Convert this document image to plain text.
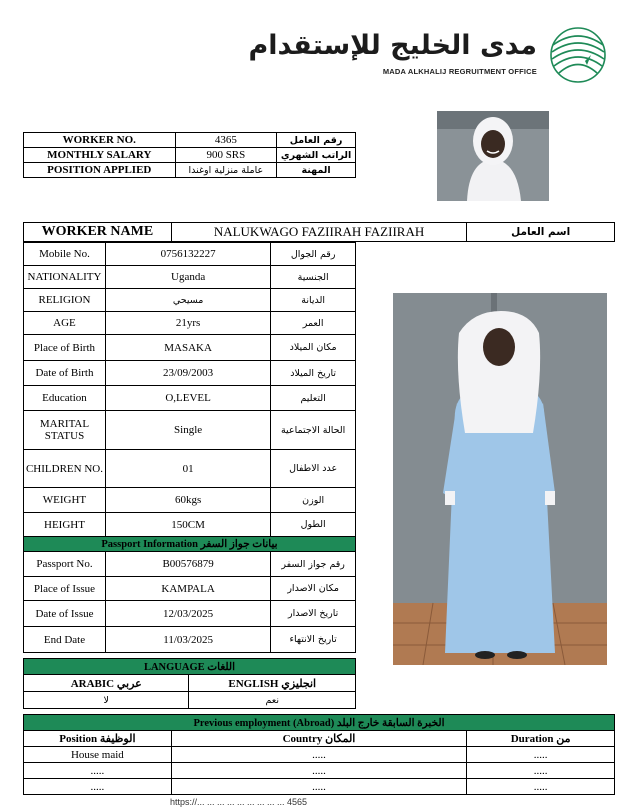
مدى الخليج للإستقدام
MADA ALKHALIJ REGRUITMENT OFFICE
WORKER NO.	4365	رقم العامل
MONTHLY SALARY	900 SRS	الراتب الشهري
POSITION APPLIED	عاملة منزلية اوغندا	المهنة
WORKER NAME	NALUKWAGO FAZIIRAH FAZIIRAH	اسم العامل
Mobile No.	0756132227	رقم الجوال
NATIONALITY	Uganda	الجنسية
RELIGION	مسيحي	الديانة
AGE	21yrs	العمر
Place of Birth	MASAKA	مكان الميلاد
Date of Birth	23/09/2003	تاريخ الميلاد
Education	O,LEVEL	التعليم
MARITAL STATUS	Single	الحالة الاجتماعية
CHILDREN NO.	01	عدد الاطفال
WEIGHT	60kgs	الوزن
HEIGHT	150CM	الطول
Passport Information بيانات جواز السفر		
Passport No.	B00576879	رقم جواز السفر
Place of Issue	KAMPALA	مكان الاصدار
Date of Issue	12/03/2025	تاريخ الاصدار
End Date	11/03/2025	تاريخ الانتهاء
LANGUAGE اللغات	
ARABIC عربي	ENGLISH انجليزي
لا	نعم
Previous employment (Abroad) الخبرة السابقة خارج البلد		
Position الوظيفة	Country المكان	Duration من
House maid	.....	.....
.....	.....	.....
.....	.....	.....
https://... ... ... ... ... ... ... ... ... 4565
